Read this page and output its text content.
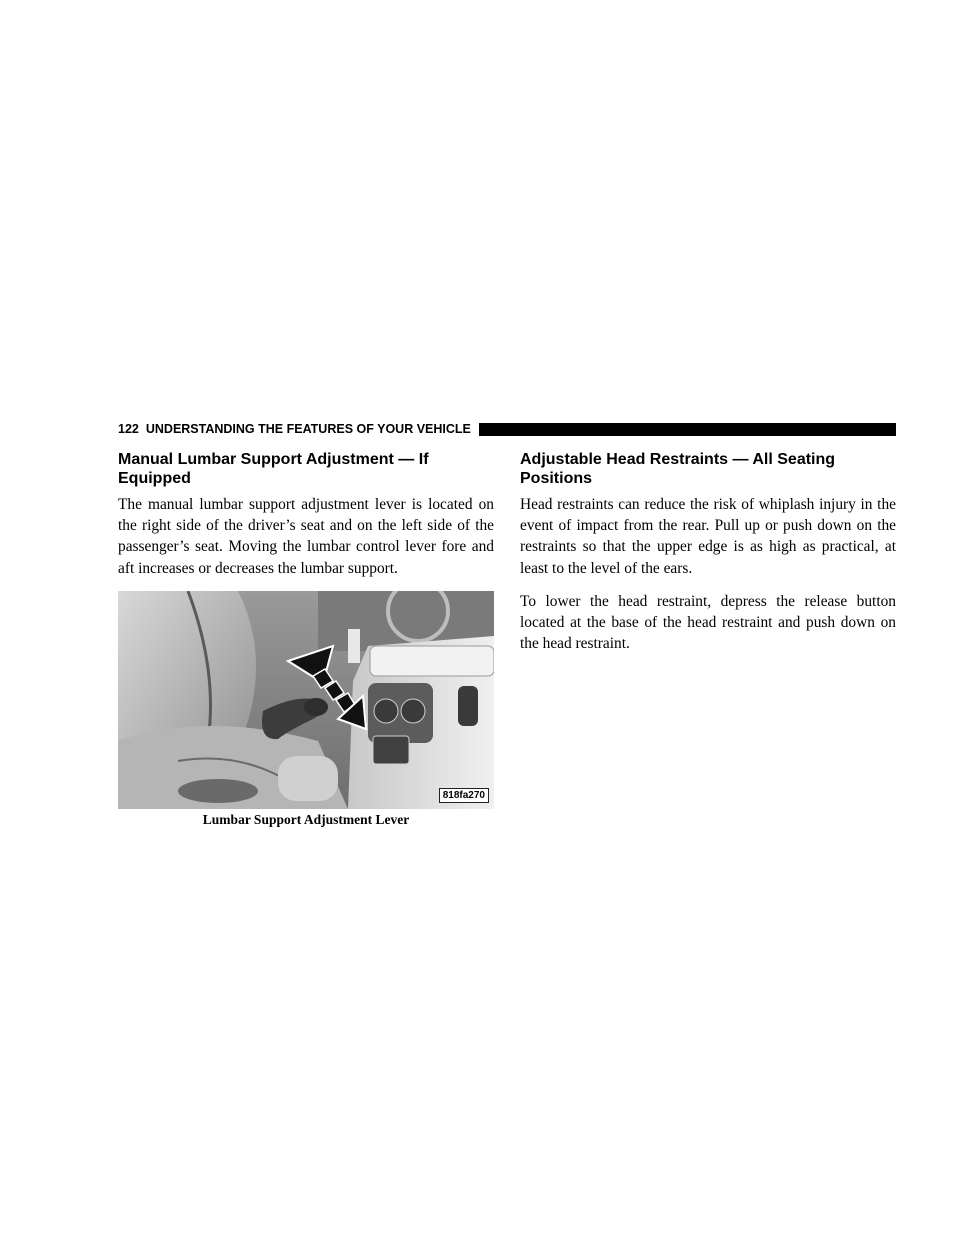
122 UNDERSTANDING THE FEATURES OF YOUR VEHICLE
Manual Lumbar Support Adjustment — If Equipped

The manual lumbar support adjustment lever is located on the right side of the driver’s seat and on the left side of the passenger’s seat. Moving the lumbar control lever fore and aft increases or decreases the lumbar support.

818fa270
Lumbar Support Adjustment Lever
Adjustable Head Restraints — All Seating Positions

Head restraints can reduce the risk of whiplash injury in the event of impact from the rear. Pull up or push down on the restraints so that the upper edge is as high as practical, at least to the level of the ears.

To lower the head restraint, depress the release button located at the base of the head restraint and push down on the head restraint.
